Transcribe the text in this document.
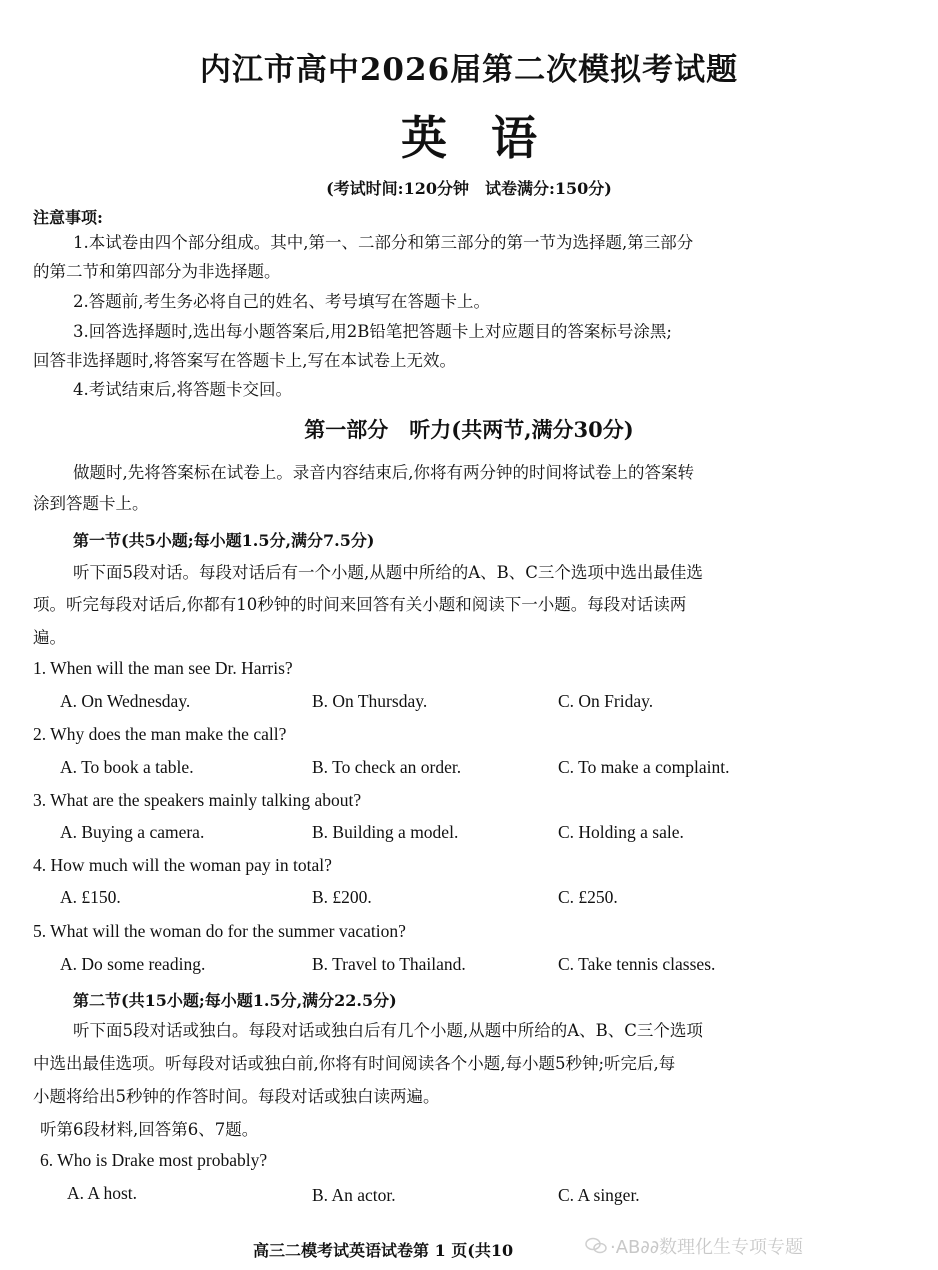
内江市高中2026届第二次模拟考试题
英语
(考试时间:120分钟　试卷满分:150分)
注意事项:
1.本试卷由四个部分组成。其中,第一、二部分和第三部分的第一节为选择题,第三部分
的第二节和第四部分为非选择题。
2.答题前,考生务必将自己的姓名、考号填写在答题卡上。
3.回答选择题时,选出每小题答案后,用2B铅笔把答题卡上对应题目的答案标号涂黑;
回答非选择题时,将答案写在答题卡上,写在本试卷上无效。
4.考试结束后,将答题卡交回。
第一部分　听力(共两节,满分30分)
做题时,先将答案标在试卷上。录音内容结束后,你将有两分钟的时间将试卷上的答案转
涂到答题卡上。
第一节(共5小题;每小题1.5分,满分7.5分)
听下面5段对话。每段对话后有一个小题,从题中所给的A、B、C三个选项中选出最佳选
项。听完每段对话后,你都有10秒钟的时间来回答有关小题和阅读下一小题。每段对话读两
遍。
1. When will the man see Dr. Harris?
A. On Wednesday.	B. On Thursday.	C. On Friday.
2. Why does the man make the call?
A. To book a table.	B. To check an order.	C. To make a complaint.
3. What are the speakers mainly talking about?
A. Buying a camera.	B. Building a model.	C. Holding a sale.
4. How much will the woman pay in total?
A. £150.	B. £200.	C. £250.
5. What will the woman do for the summer vacation?
A. Do some reading.	B. Travel to Thailand.	C. Take tennis classes.
第二节(共15小题;每小题1.5分,满分22.5分)
听下面5段对话或独白。每段对话或独白后有几个小题,从题中所给的A、B、C三个选项
中选出最佳选项。听每段对话或独白前,你将有时间阅读各个小题,每小题5秒钟;听完后,每
小题将给出5秒钟的作答时间。每段对话或独白读两遍。
听第6段材料,回答第6、7题。
6. Who is Drake most probably?
A. A host.	B. An actor.	C. A singer.
高三二模考试英语试卷第 1 页(共10	·AB∂∂数理化生专项专题
